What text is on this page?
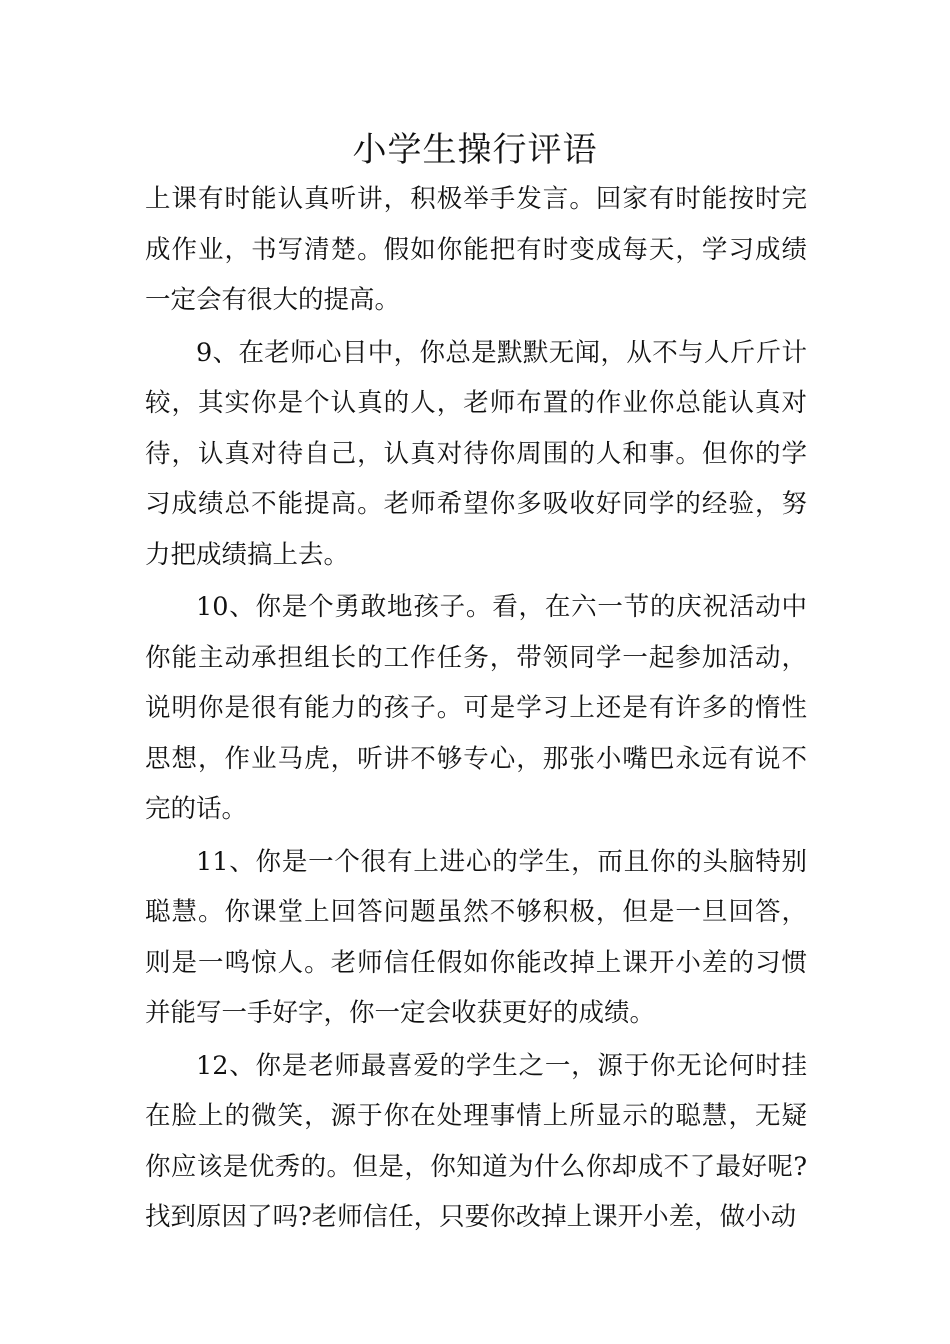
小学生操行评语

上课有时能认真听讲，积极举手发言。回家有时能按时完成作业，书写清楚。假如你能把有时变成每天，学习成绩一定会有很大的提高。

9、在老师心目中，你总是默默无闻，从不与人斤斤计较，其实你是个认真的人，老师布置的作业你总能认真对待，认真对待自己，认真对待你周围的人和事。但你的学习成绩总不能提高。老师希望你多吸收好同学的经验，努力把成绩搞上去。

10、你是个勇敢地孩子。看，在六一节的庆祝活动中你能主动承担组长的工作任务，带领同学一起参加活动，说明你是很有能力的孩子。可是学习上还是有许多的惰性思想，作业马虎，听讲不够专心，那张小嘴巴永远有说不完的话。

11、你是一个很有上进心的学生，而且你的头脑特别聪慧。你课堂上回答问题虽然不够积极，但是一旦回答，则是一鸣惊人。老师信任假如你能改掉上课开小差的习惯并能写一手好字，你一定会收获更好的成绩。

12、你是老师最喜爱的学生之一，源于你无论何时挂在脸上的微笑，源于你在处理事情上所显示的聪慧，无疑你应该是优秀的。但是，你知道为什么你却成不了最好呢?找到原因了吗?老师信任，只要你改掉上课开小差，做小动
